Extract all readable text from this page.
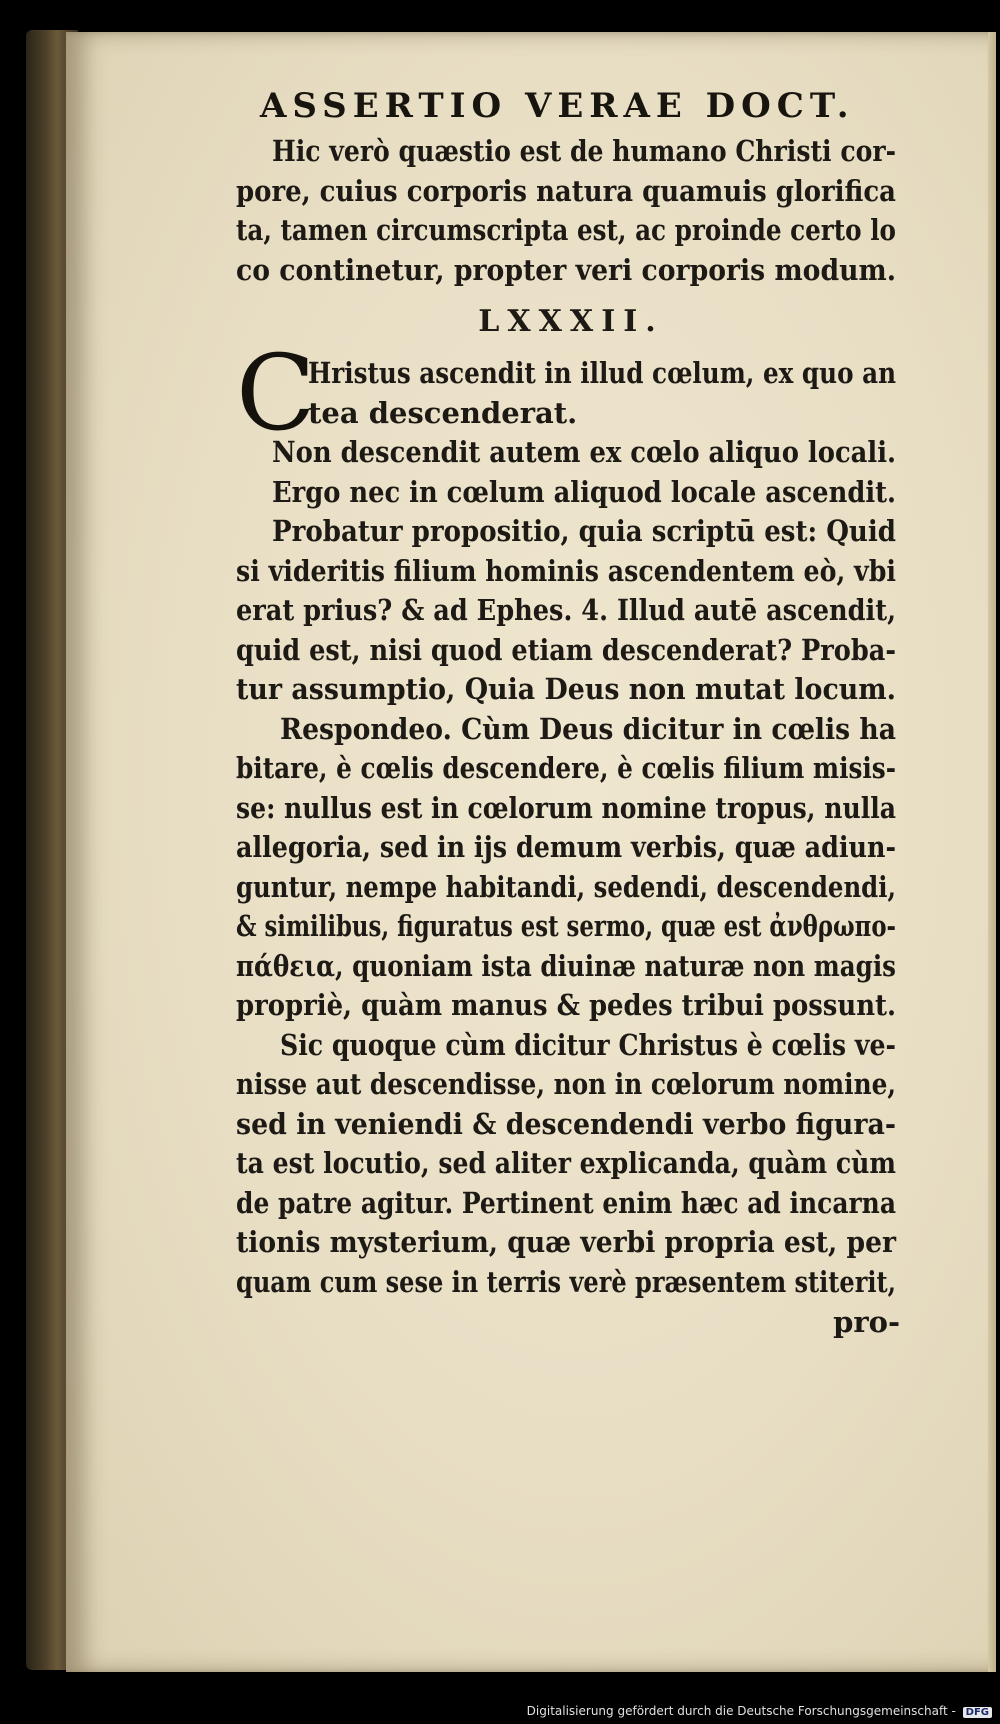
ASSERTIO VERAE DOCT.
Hic verò quæstio est de humano Christi cor-
pore, cuius corporis natura quamuis glorifica
ta, tamen circumscripta est, ac proinde certo lo
co continetur, propter veri corporis modum.
LXXXII.
C
Hristus ascendit in illud cœlum, ex quo an
tea descenderat.
Non descendit autem ex cœlo aliquo locali.
Ergo nec in cœlum aliquod locale ascendit.
Probatur propositio, quia scriptū est: Quid
si videritis filium hominis ascendentem eò, vbi
erat prius? & ad Ephes. 4. Illud autē ascendit,
quid est, nisi quod etiam descenderat? Proba-
tur assumptio, Quia Deus non mutat locum.
Respondeo. Cùm Deus dicitur in cœlis ha
bitare, è cœlis descendere, è cœlis filium misis-
se: nullus est in cœlorum nomine tropus, nulla
allegoria, sed in ijs demum verbis, quæ adiun-
guntur, nempe habitandi, sedendi, descendendi,
& similibus, figuratus est sermo, quæ est ἀνθρωπο-
πάθεια, quoniam ista diuinæ naturæ non magis
propriè, quàm manus & pedes tribui possunt.
Sic quoque cùm dicitur Christus è cœlis ve-
nisse aut descendisse, non in cœlorum nomine,
sed in veniendi & descendendi verbo figura-
ta est locutio, sed aliter explicanda, quàm cùm
de patre agitur. Pertinent enim hæc ad incarna
tionis mysterium, quæ verbi propria est, per
quam cum sese in terris verè præsentem stiterit,
pro-
Digitalisierung gefördert durch die Deutsche Forschungsgemeinschaft - DFG
